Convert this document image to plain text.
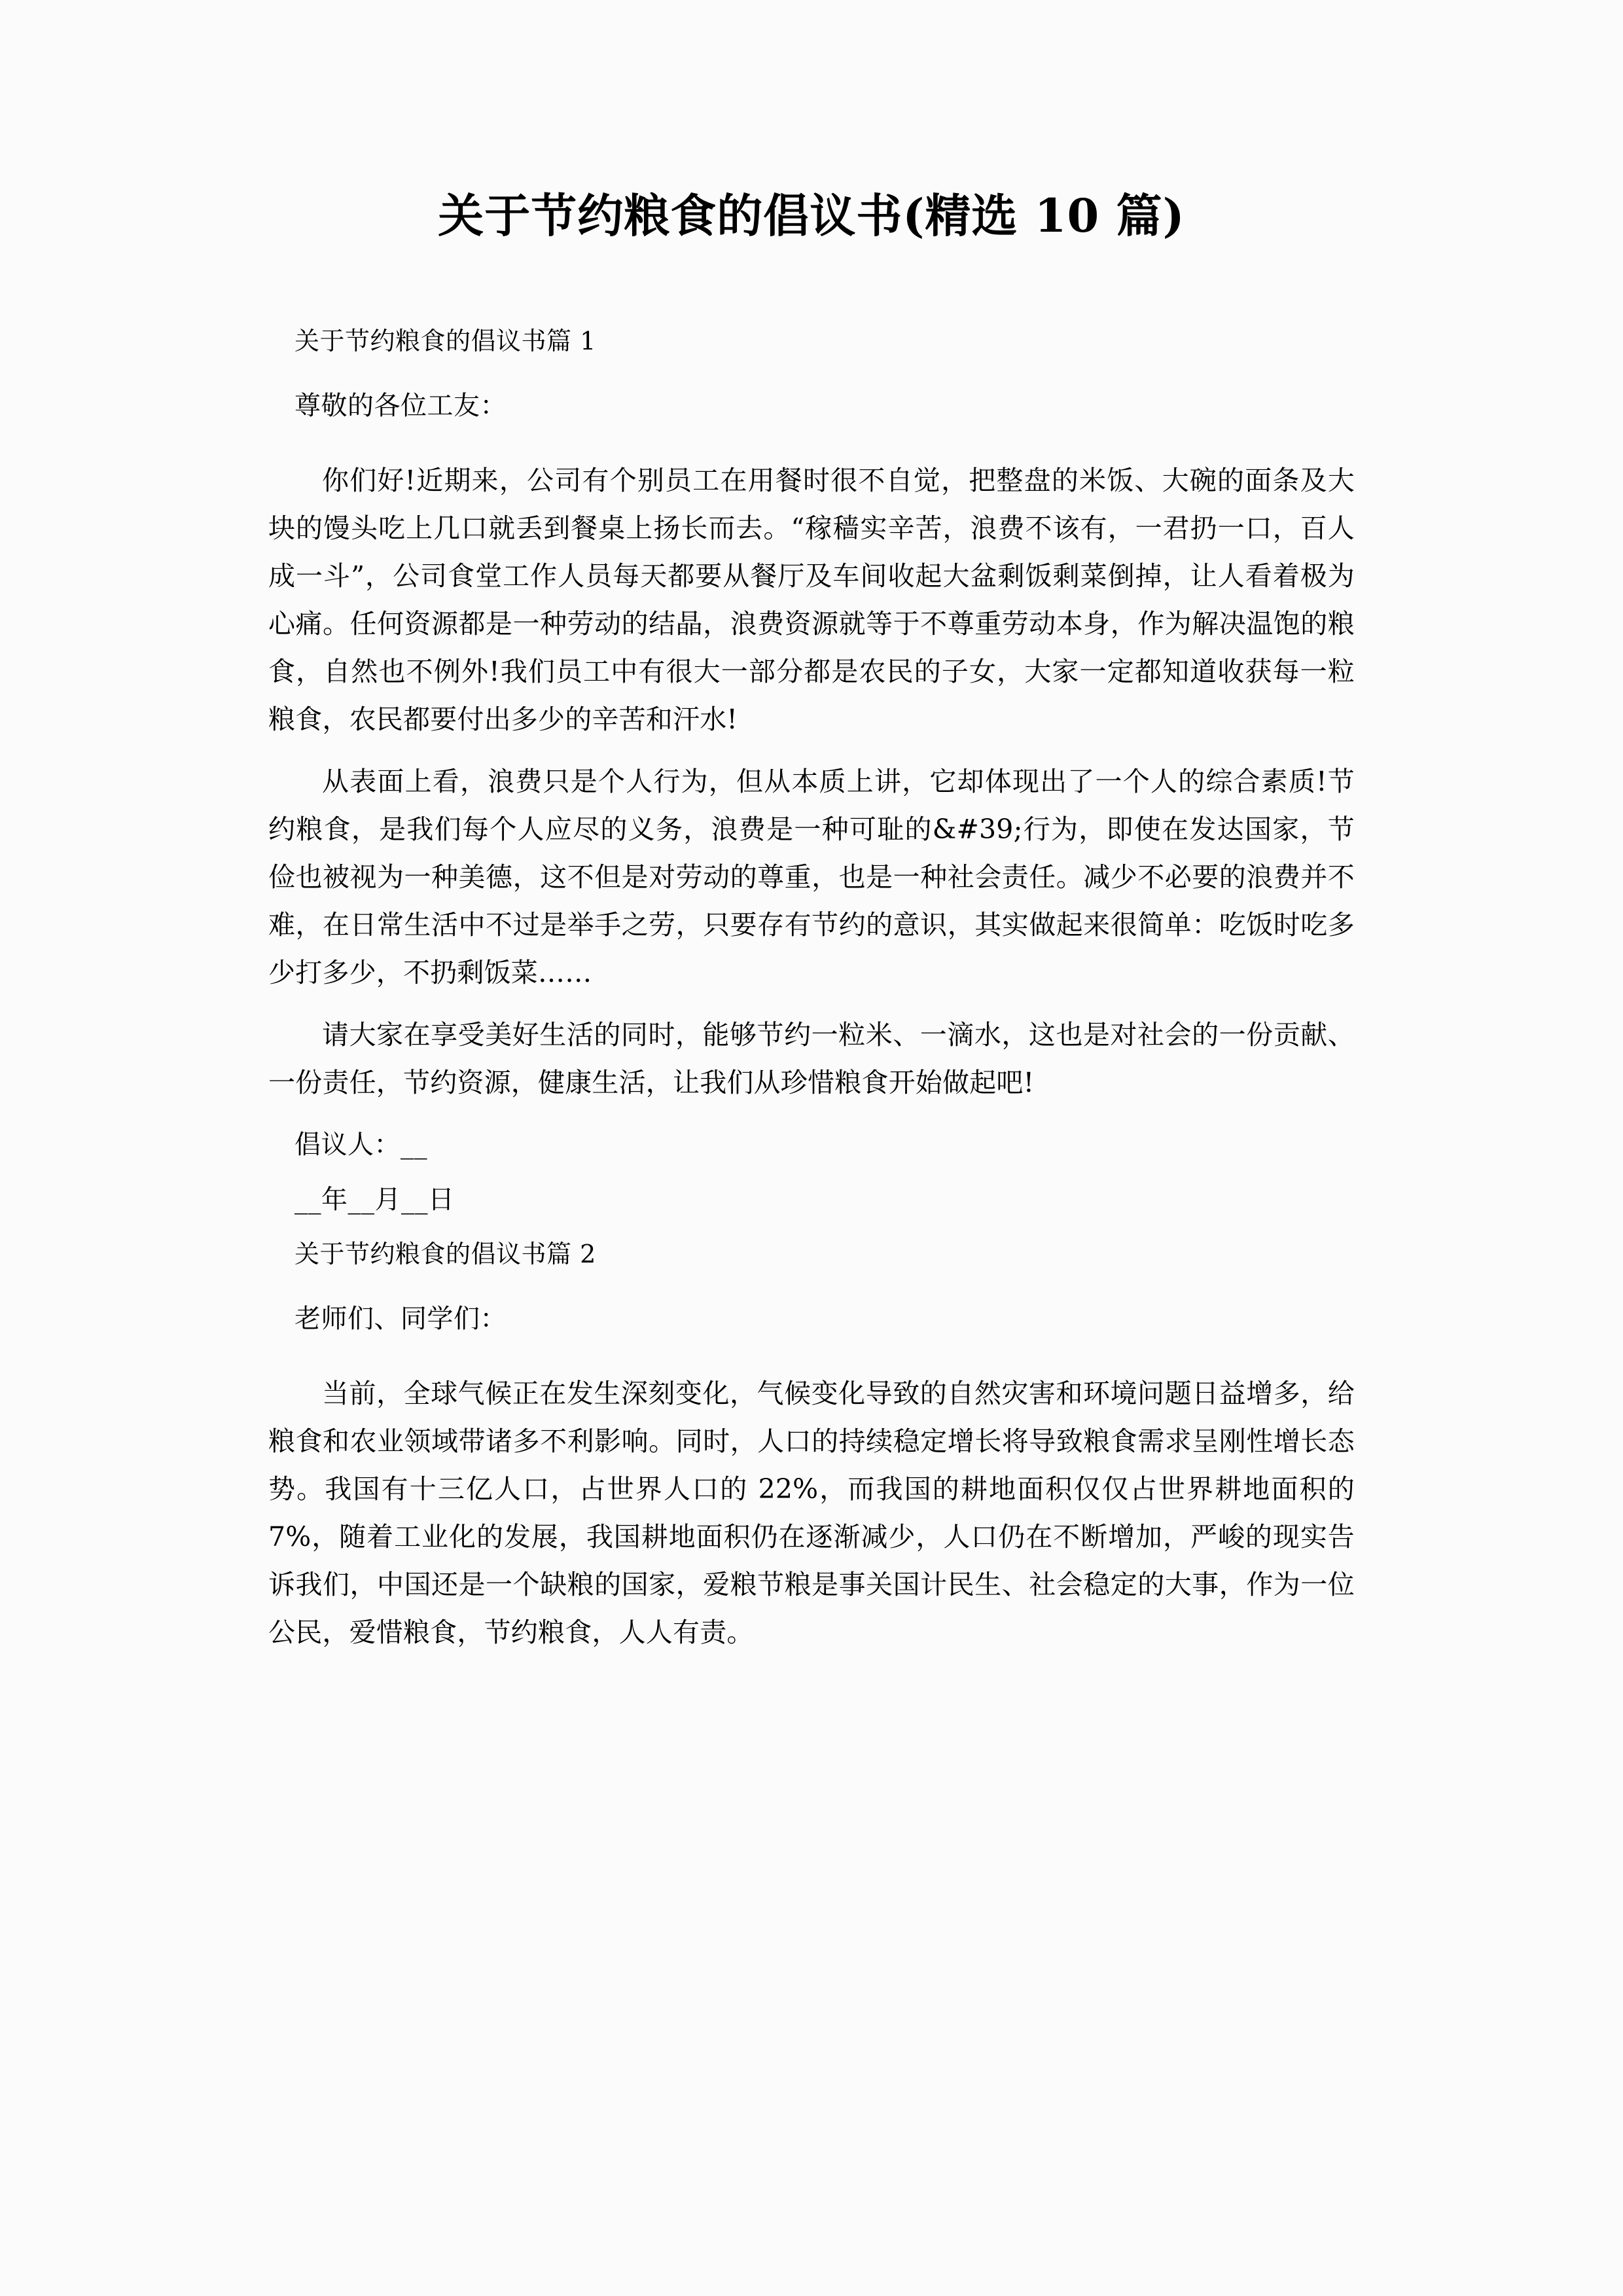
关于节约粮食的倡议书(精选 10 篇)

关于节约粮食的倡议书篇 1

尊敬的各位工友：

你们好!近期来，公司有个别员工在用餐时很不自觉，把整盘的米饭、大碗的面条及大块的馒头吃上几口就丢到餐桌上扬长而去。“稼穑实辛苦，浪费不该有，一君扔一口，百人成一斗”，公司食堂工作人员每天都要从餐厅及车间收起大盆剩饭剩菜倒掉，让人看着极为心痛。任何资源都是一种劳动的结晶，浪费资源就等于不尊重劳动本身，作为解决温饱的粮食，自然也不例外!我们员工中有很大一部分都是农民的子女，大家一定都知道收获每一粒粮食，农民都要付出多少的辛苦和汗水!

从表面上看，浪费只是个人行为，但从本质上讲，它却体现出了一个人的综合素质!节约粮食，是我们每个人应尽的义务，浪费是一种可耻的&#39;行为，即使在发达国家，节俭也被视为一种美德，这不但是对劳动的尊重，也是一种社会责任。减少不必要的浪费并不难，在日常生活中不过是举手之劳，只要存有节约的意识，其实做起来很简单：吃饭时吃多少打多少，不扔剩饭菜……

请大家在享受美好生活的同时，能够节约一粒米、一滴水，这也是对社会的一份贡献、一份责任，节约资源，健康生活，让我们从珍惜粮食开始做起吧!

倡议人：__

__年__月__日

关于节约粮食的倡议书篇 2

老师们、同学们：

当前，全球气候正在发生深刻变化，气候变化导致的自然灾害和环境问题日益增多，给粮食和农业领域带诸多不利影响。同时，人口的持续稳定增长将导致粮食需求呈刚性增长态势。我国有十三亿人口，占世界人口的 22%，而我国的耕地面积仅仅占世界耕地面积的 7%，随着工业化的发展，我国耕地面积仍在逐渐减少，人口仍在不断增加，严峻的现实告诉我们，中国还是一个缺粮的国家，爱粮节粮是事关国计民生、社会稳定的大事，作为一位公民，爱惜粮食，节约粮食，人人有责。
